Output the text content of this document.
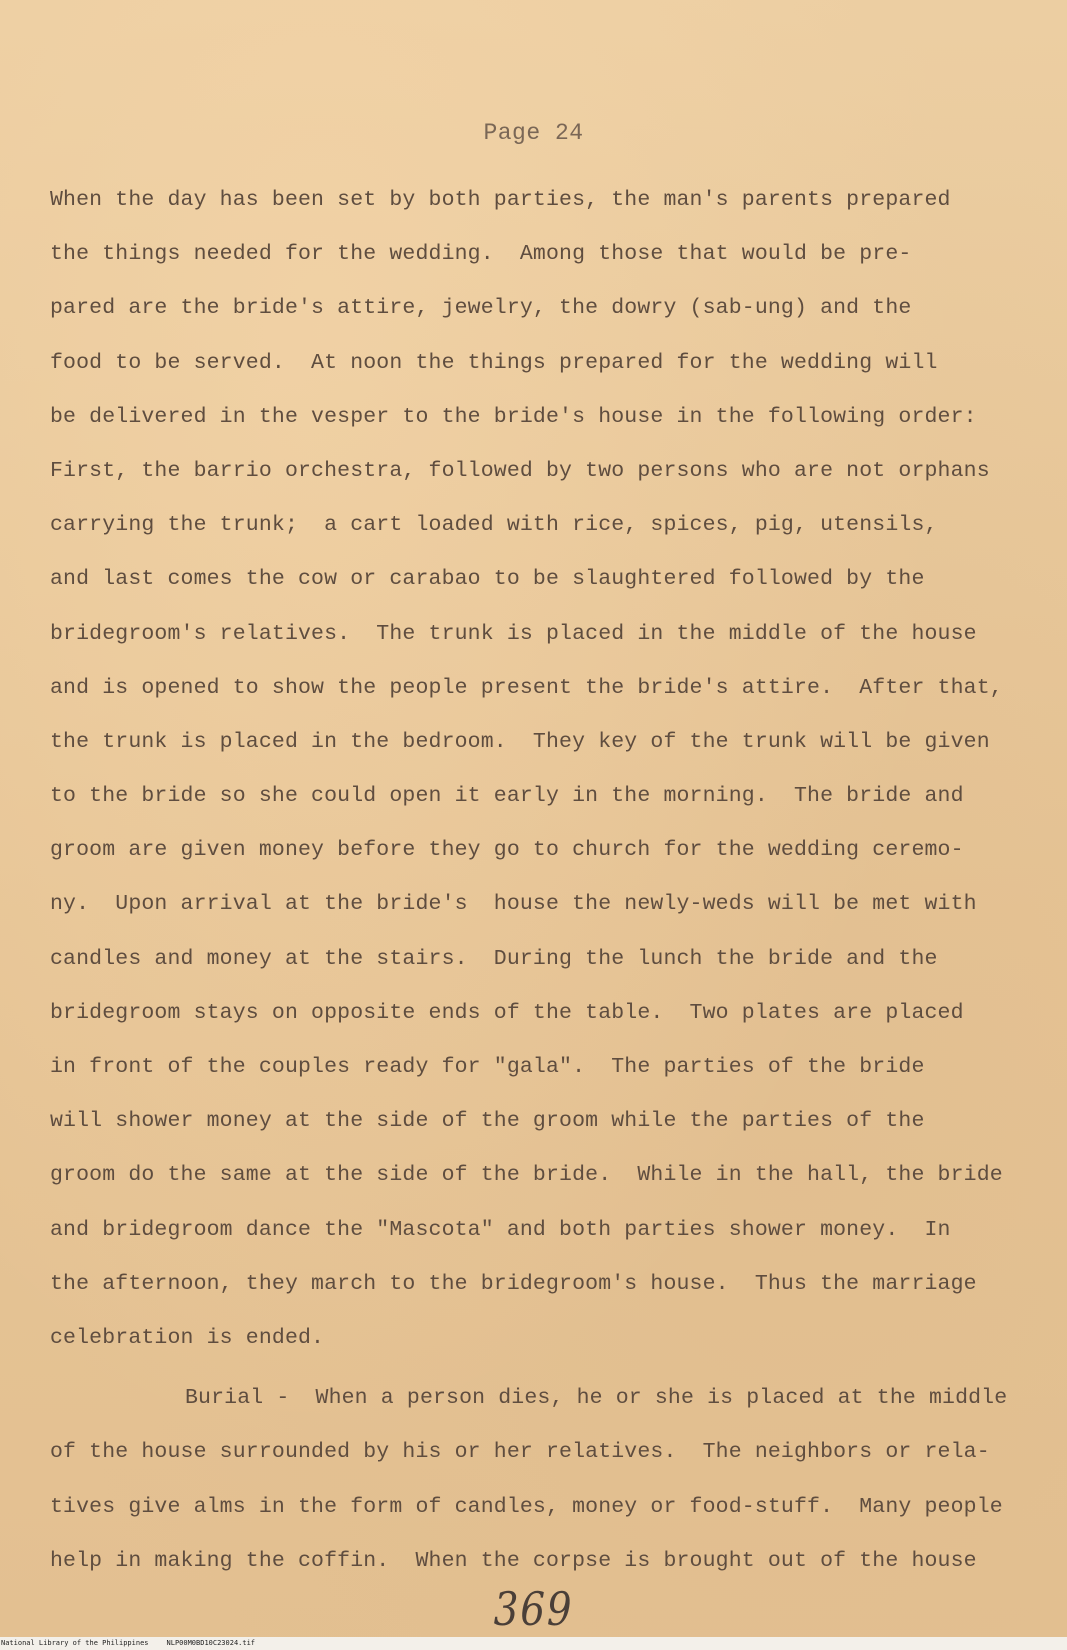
Page 24
When the day has been set by both parties, the man's parents prepared
the things needed for the wedding.  Among those that would be pre-
pared are the bride's attire, jewelry, the dowry (sab-ung) and the
food to be served.  At noon the things prepared for the wedding will
be delivered in the vesper to the bride's house in the following order:
First, the barrio orchestra, followed by two persons who are not orphans
carrying the trunk;  a cart loaded with rice, spices, pig, utensils,
and last comes the cow or carabao to be slaughtered followed by the
bridegroom's relatives.  The trunk is placed in the middle of the house
and is opened to show the people present the bride's attire.  After that,
the trunk is placed in the bedroom.  They key of the trunk will be given
to the bride so she could open it early in the morning.  The bride and
groom are given money before they go to church for the wedding ceremo-
ny.  Upon arrival at the bride's  house the newly-weds will be met with
candles and money at the stairs.  During the lunch the bride and the
bridegroom stays on opposite ends of the table.  Two plates are placed
in front of the couples ready for "gala".  The parties of the bride
will shower money at the side of the groom while the parties of the
groom do the same at the side of the bride.  While in the hall, the bride
and bridegroom dance the "Mascota" and both parties shower money.  In
the afternoon, they march to the bridegroom's house.  Thus the marriage
celebration is ended.
Burial -  When a person dies, he or she is placed at the middle
of the house surrounded by his or her relatives.  The neighbors or rela-
tives give alms in the form of candles, money or food-stuff.  Many people
help in making the coffin.  When the corpse is brought out of the house
369
National Library of the Philippines	NLP00M0BD10C23024.tif
